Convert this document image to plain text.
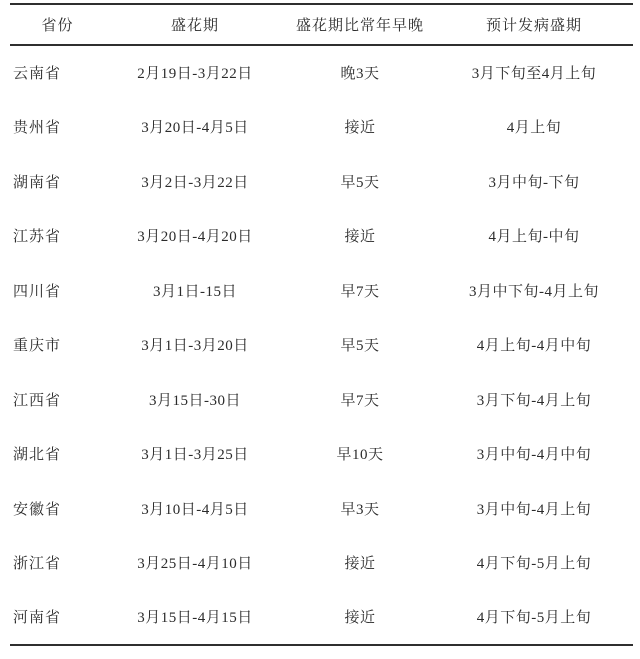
省份	盛花期	盛花期比常年早晚	预计发病盛期
云南省	2月19日-3月22日	晚3天	3月下旬至4月上旬
贵州省	3月20日-4月5日	接近	4月上旬
湖南省	3月2日-3月22日	早5天	3月中旬-下旬
江苏省	3月20日-4月20日	接近	4月上旬-中旬
四川省	3月1日-15日	早7天	3月中下旬-4月上旬
重庆市	3月1日-3月20日	早5天	4月上旬-4月中旬
江西省	3月15日-30日	早7天	3月下旬-4月上旬
湖北省	3月1日-3月25日	早10天	3月中旬-4月中旬
安徽省	3月10日-4月5日	早3天	3月中旬-4月上旬
浙江省	3月25日-4月10日	接近	4月下旬-5月上旬
河南省	3月15日-4月15日	接近	4月下旬-5月上旬
